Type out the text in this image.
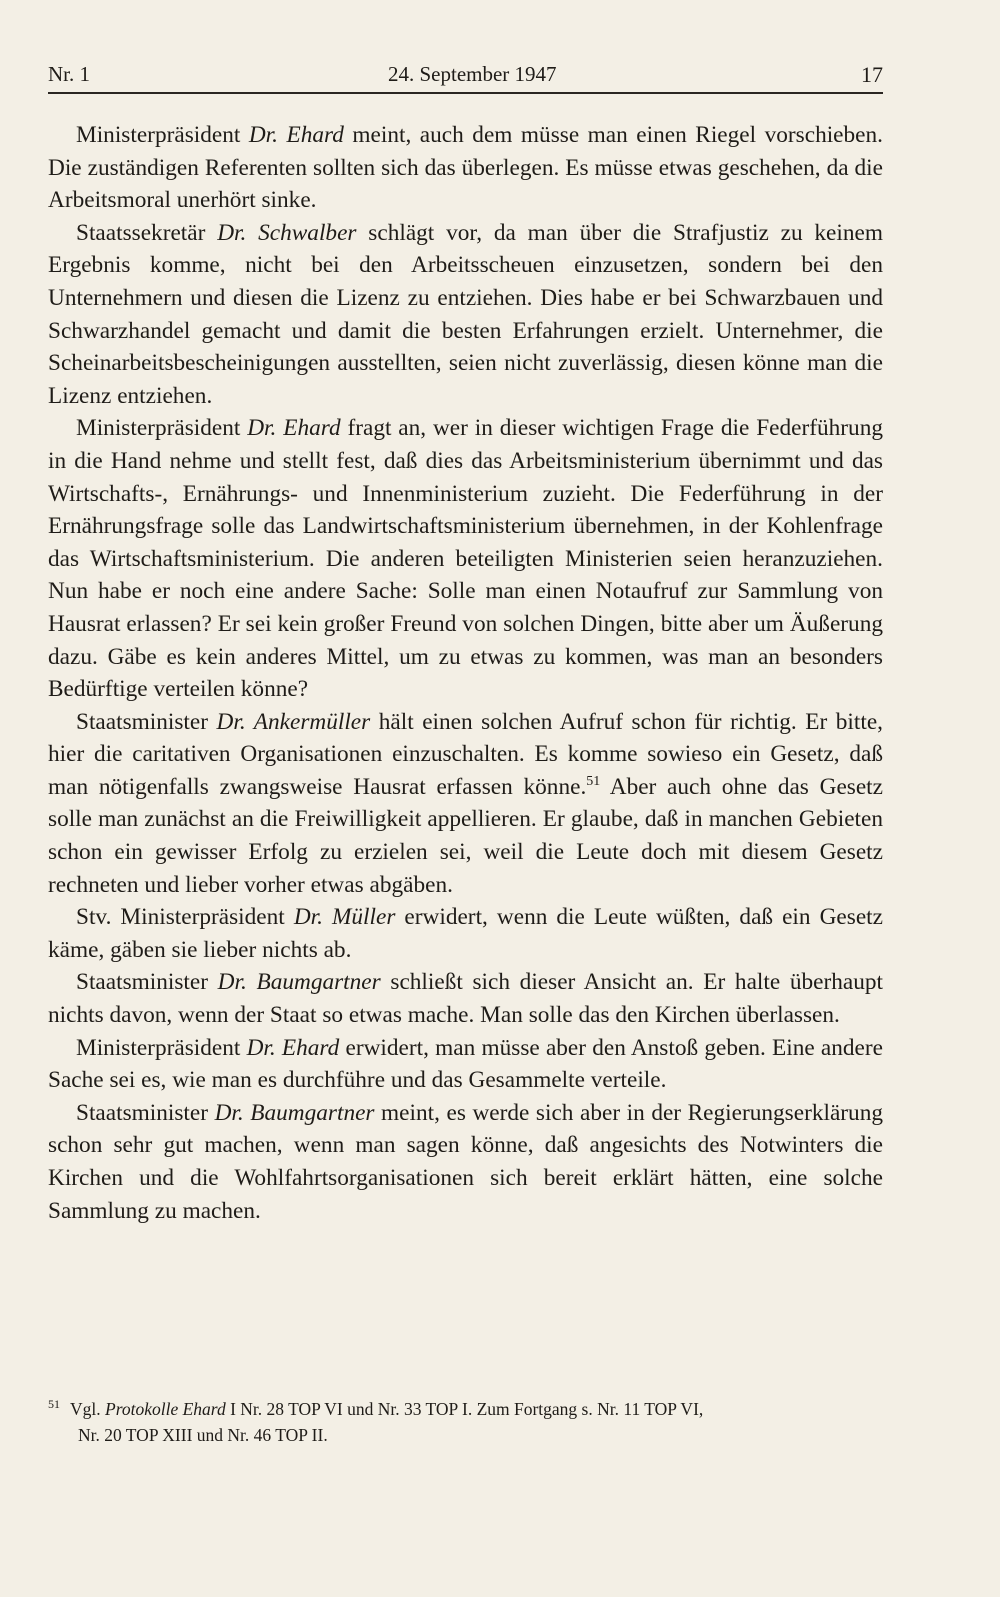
Nr. 1	24. September 1947	17

Ministerpräsident Dr. Ehard meint, auch dem müsse man einen Riegel vorschieben. Die zuständigen Referenten sollten sich das überlegen. Es müsse etwas geschehen, da die Arbeitsmoral unerhört sinke.

Staatssekretär Dr. Schwalber schlägt vor, da man über die Strafjustiz zu keinem Ergebnis komme, nicht bei den Arbeitsscheuen einzusetzen, sondern bei den Unternehmern und diesen die Lizenz zu entziehen. Dies habe er bei Schwarzbauen und Schwarzhandel gemacht und damit die besten Erfahrungen erzielt. Unternehmer, die Scheinarbeitsbescheinigungen ausstellten, seien nicht zuverlässig, diesen könne man die Lizenz entziehen.

Ministerpräsident Dr. Ehard fragt an, wer in dieser wichtigen Frage die Federführung in die Hand nehme und stellt fest, daß dies das Arbeitsministerium übernimmt und das Wirtschafts-, Ernährungs- und Innenministerium zuzieht. Die Federführung in der Ernährungsfrage solle das Landwirtschaftsministerium übernehmen, in der Kohlenfrage das Wirtschaftsministerium. Die anderen beteiligten Ministerien seien heranzuziehen. Nun habe er noch eine andere Sache: Solle man einen Notaufruf zur Sammlung von Hausrat erlassen? Er sei kein großer Freund von solchen Dingen, bitte aber um Äußerung dazu. Gäbe es kein anderes Mittel, um zu etwas zu kommen, was man an besonders Bedürftige verteilen könne?

Staatsminister Dr. Ankermüller hält einen solchen Aufruf schon für richtig. Er bitte, hier die caritativen Organisationen einzuschalten. Es komme sowieso ein Gesetz, daß man nötigenfalls zwangsweise Hausrat erfassen könne.$^{51}$ Aber auch ohne das Gesetz solle man zunächst an die Freiwilligkeit appellieren. Er glaube, daß in manchen Gebieten schon ein gewisser Erfolg zu erzielen sei, weil die Leute doch mit diesem Gesetz rechneten und lieber vorher etwas abgäben.

Stv. Ministerpräsident Dr. Müller erwidert, wenn die Leute wüßten, daß ein Gesetz käme, gäben sie lieber nichts ab.

Staatsminister Dr. Baumgartner schließt sich dieser Ansicht an. Er halte überhaupt nichts davon, wenn der Staat so etwas mache. Man solle das den Kirchen überlassen.

Ministerpräsident Dr. Ehard erwidert, man müsse aber den Anstoß geben. Eine andere Sache sei es, wie man es durchführe und das Gesammelte verteile.

Staatsminister Dr. Baumgartner meint, es werde sich aber in der Regierungserklärung schon sehr gut machen, wenn man sagen könne, daß angesichts des Notwinters die Kirchen und die Wohlfahrtsorganisationen sich bereit erklärt hätten, eine solche Sammlung zu machen.

$^{51}$ Vgl. Protokolle Ehard I Nr. 28 TOP VI und Nr. 33 TOP I. Zum Fortgang s. Nr. 11 TOP VI,
Nr. 20 TOP XIII und Nr. 46 TOP II.
